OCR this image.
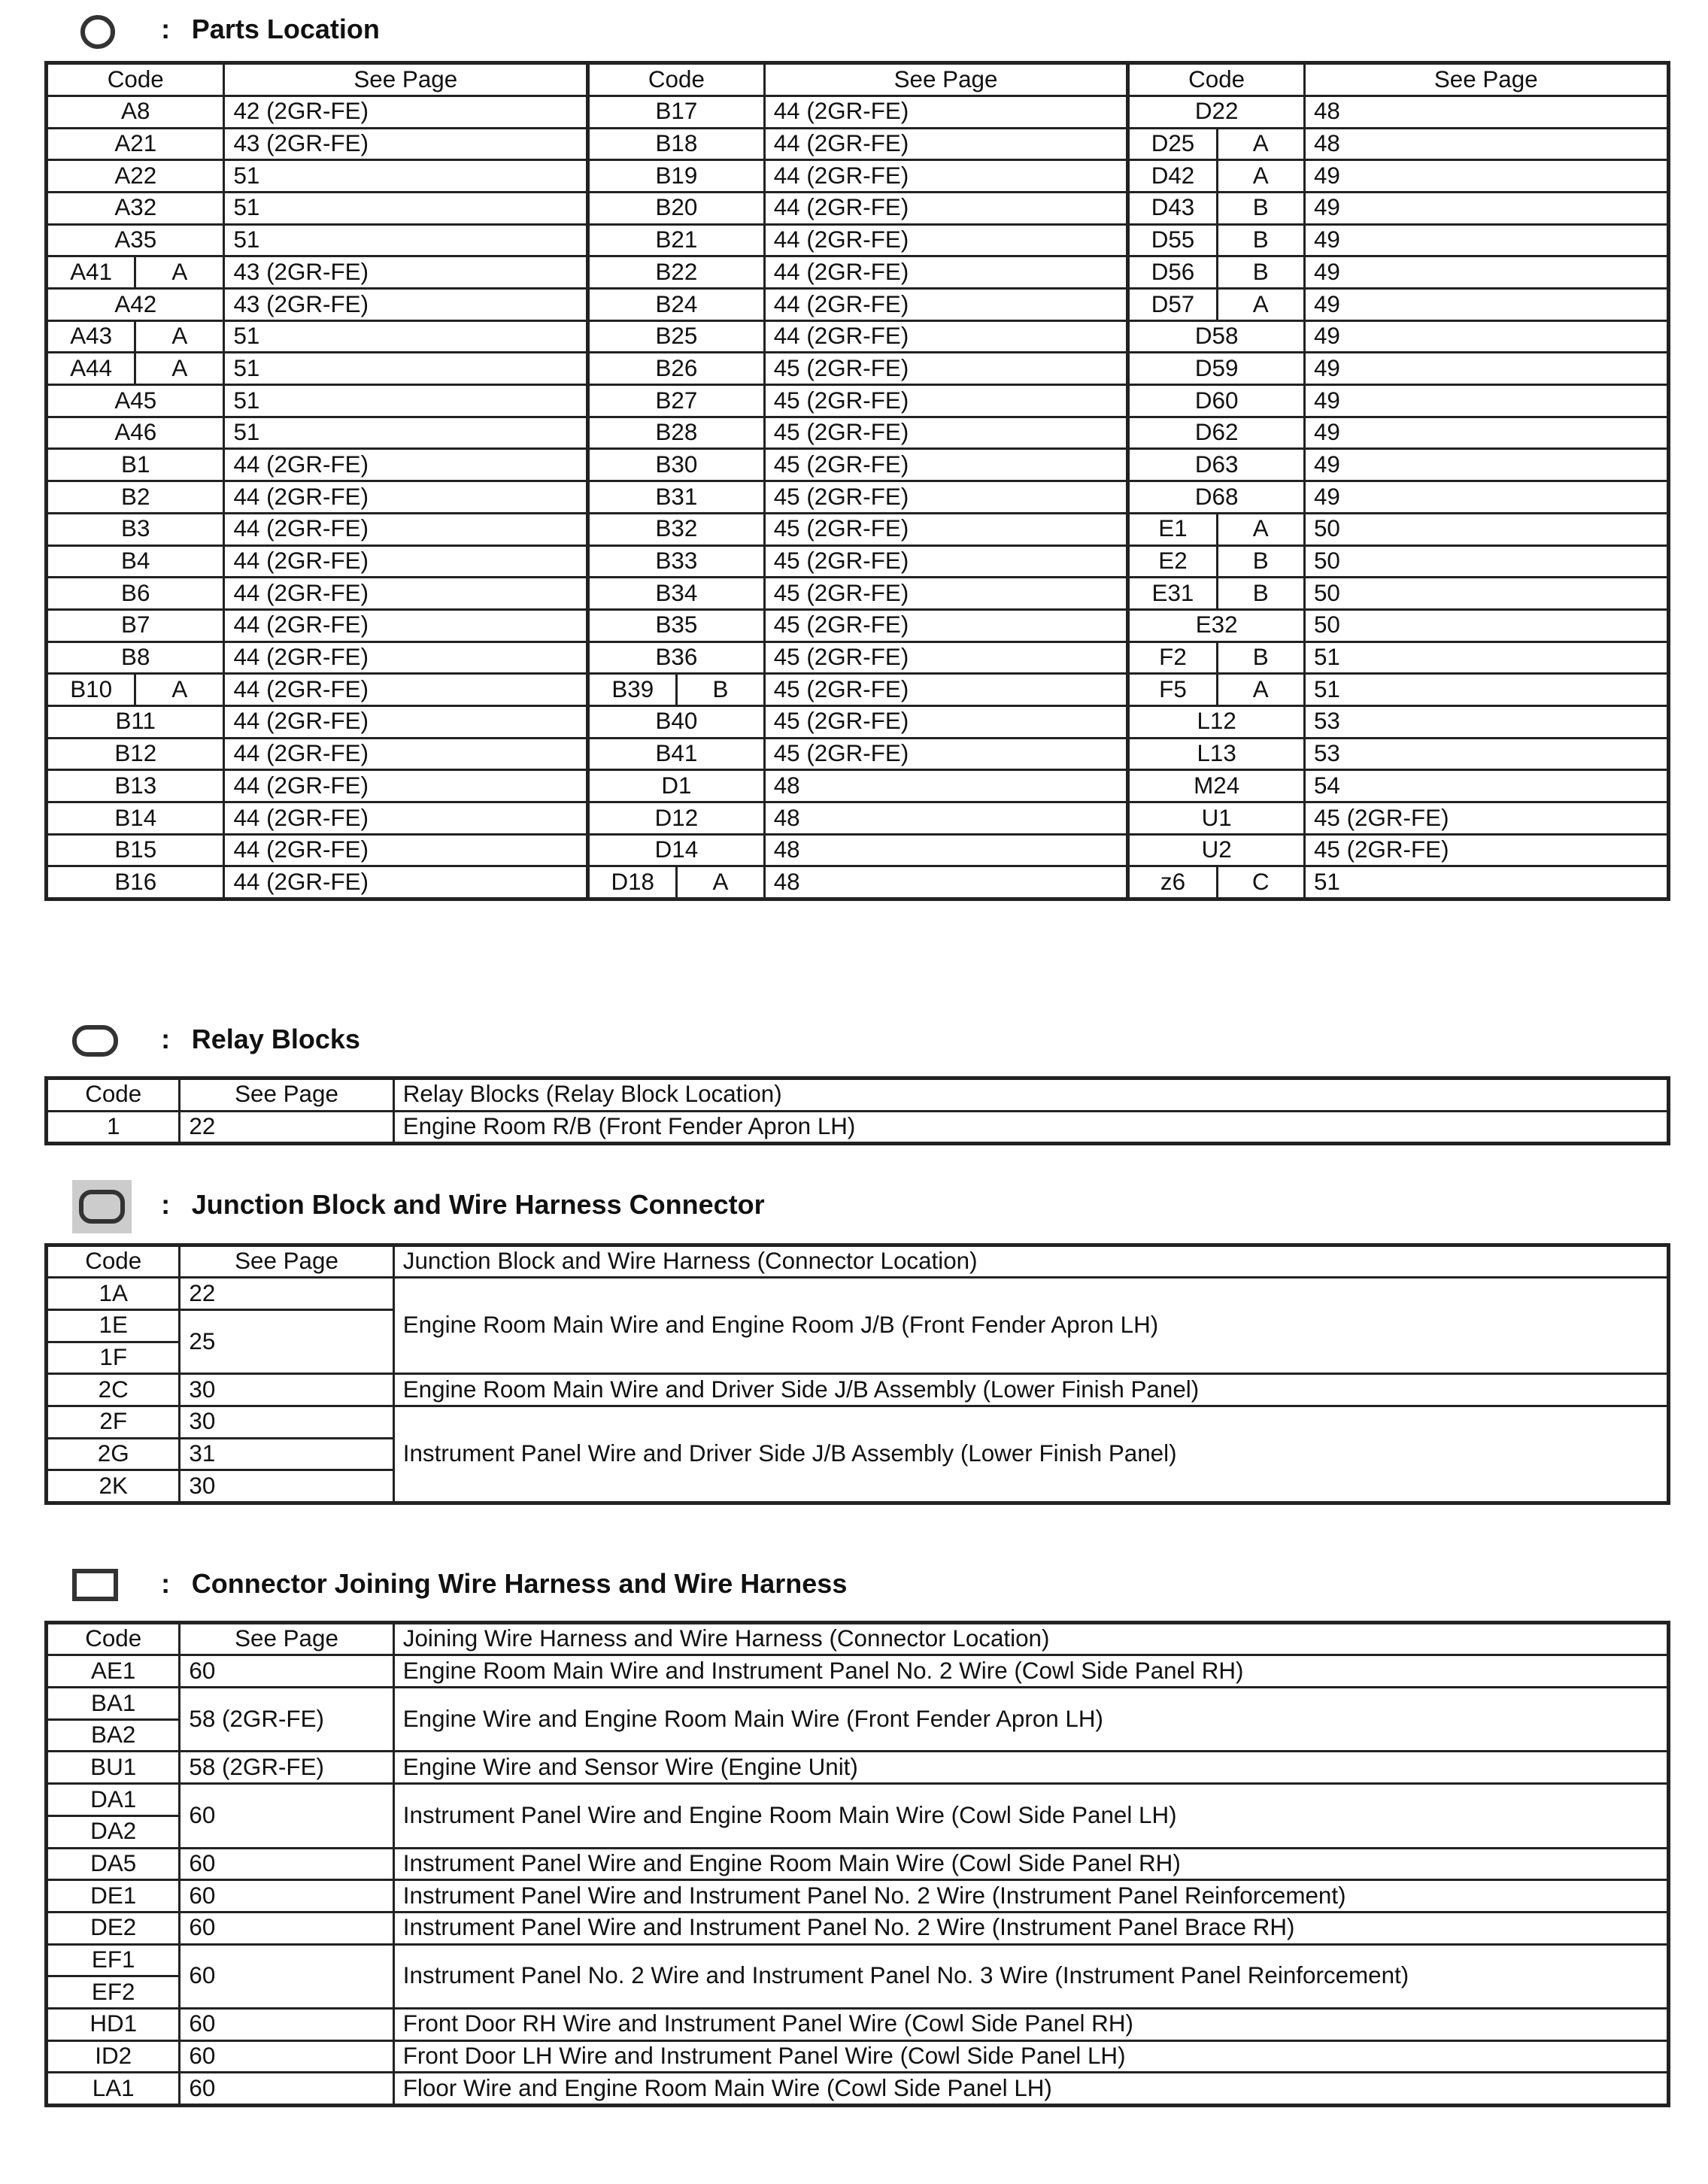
: Parts Location
Code		See Page	Code		See Page	Code		See Page
A8		42 (2GR-FE)	B17		44 (2GR-FE)	D22		48
A21		43 (2GR-FE)	B18		44 (2GR-FE)	D25	A	48
A22		51	B19		44 (2GR-FE)	D42	A	49
A32		51	B20		44 (2GR-FE)	D43	B	49
A35		51	B21		44 (2GR-FE)	D55	B	49
A41	A	43 (2GR-FE)	B22		44 (2GR-FE)	D56	B	49
A42		43 (2GR-FE)	B24		44 (2GR-FE)	D57	A	49
A43	A	51	B25		44 (2GR-FE)	D58		49
A44	A	51	B26		45 (2GR-FE)	D59		49
A45		51	B27		45 (2GR-FE)	D60		49
A46		51	B28		45 (2GR-FE)	D62		49
B1		44 (2GR-FE)	B30		45 (2GR-FE)	D63		49
B2		44 (2GR-FE)	B31		45 (2GR-FE)	D68		49
B3		44 (2GR-FE)	B32		45 (2GR-FE)	E1	A	50
B4		44 (2GR-FE)	B33		45 (2GR-FE)	E2	B	50
B6		44 (2GR-FE)	B34		45 (2GR-FE)	E31	B	50
B7		44 (2GR-FE)	B35		45 (2GR-FE)	E32		50
B8		44 (2GR-FE)	B36		45 (2GR-FE)	F2	B	51
B10	A	44 (2GR-FE)	B39	B	45 (2GR-FE)	F5	A	51
B11		44 (2GR-FE)	B40		45 (2GR-FE)	L12		53
B12		44 (2GR-FE)	B41		45 (2GR-FE)	L13		53
B13		44 (2GR-FE)	D1		48	M24		54
B14		44 (2GR-FE)	D12		48	U1		45 (2GR-FE)
B15		44 (2GR-FE)	D14		48	U2		45 (2GR-FE)
B16		44 (2GR-FE)	D18	A	48	z6	C	51
: Relay Blocks
Code	See Page	Relay Blocks (Relay Block Location)
1	22	Engine Room R/B (Front Fender Apron LH)
: Junction Block and Wire Harness Connector
Code	See Page	Junction Block and Wire Harness (Connector Location)
1A	22	Engine Room Main Wire and Engine Room J/B (Front Fender Apron LH)
1E	25	
1F		
2C	30	Engine Room Main Wire and Driver Side J/B Assembly (Lower Finish Panel)
2F	30	Instrument Panel Wire and Driver Side J/B Assembly (Lower Finish Panel)
2G	31	
2K	30	
: Connector Joining Wire Harness and Wire Harness
Code	See Page	Joining Wire Harness and Wire Harness (Connector Location)
AE1	60	Engine Room Main Wire and Instrument Panel No. 2 Wire (Cowl Side Panel RH)
BA1	58 (2GR-FE)	Engine Wire and Engine Room Main Wire (Front Fender Apron LH)
BA2		
BU1	58 (2GR-FE)	Engine Wire and Sensor Wire (Engine Unit)
DA1	60	Instrument Panel Wire and Engine Room Main Wire (Cowl Side Panel LH)
DA2		
DA5	60	Instrument Panel Wire and Engine Room Main Wire (Cowl Side Panel RH)
DE1	60	Instrument Panel Wire and Instrument Panel No. 2 Wire (Instrument Panel Reinforcement)
DE2	60	Instrument Panel Wire and Instrument Panel No. 2 Wire (Instrument Panel Brace RH)
EF1	60	Instrument Panel No. 2 Wire and Instrument Panel No. 3 Wire (Instrument Panel Reinforcement)
EF2		
HD1	60	Front Door RH Wire and Instrument Panel Wire (Cowl Side Panel RH)
ID2	60	Front Door LH Wire and Instrument Panel Wire (Cowl Side Panel LH)
LA1	60	Floor Wire and Engine Room Main Wire (Cowl Side Panel LH)
